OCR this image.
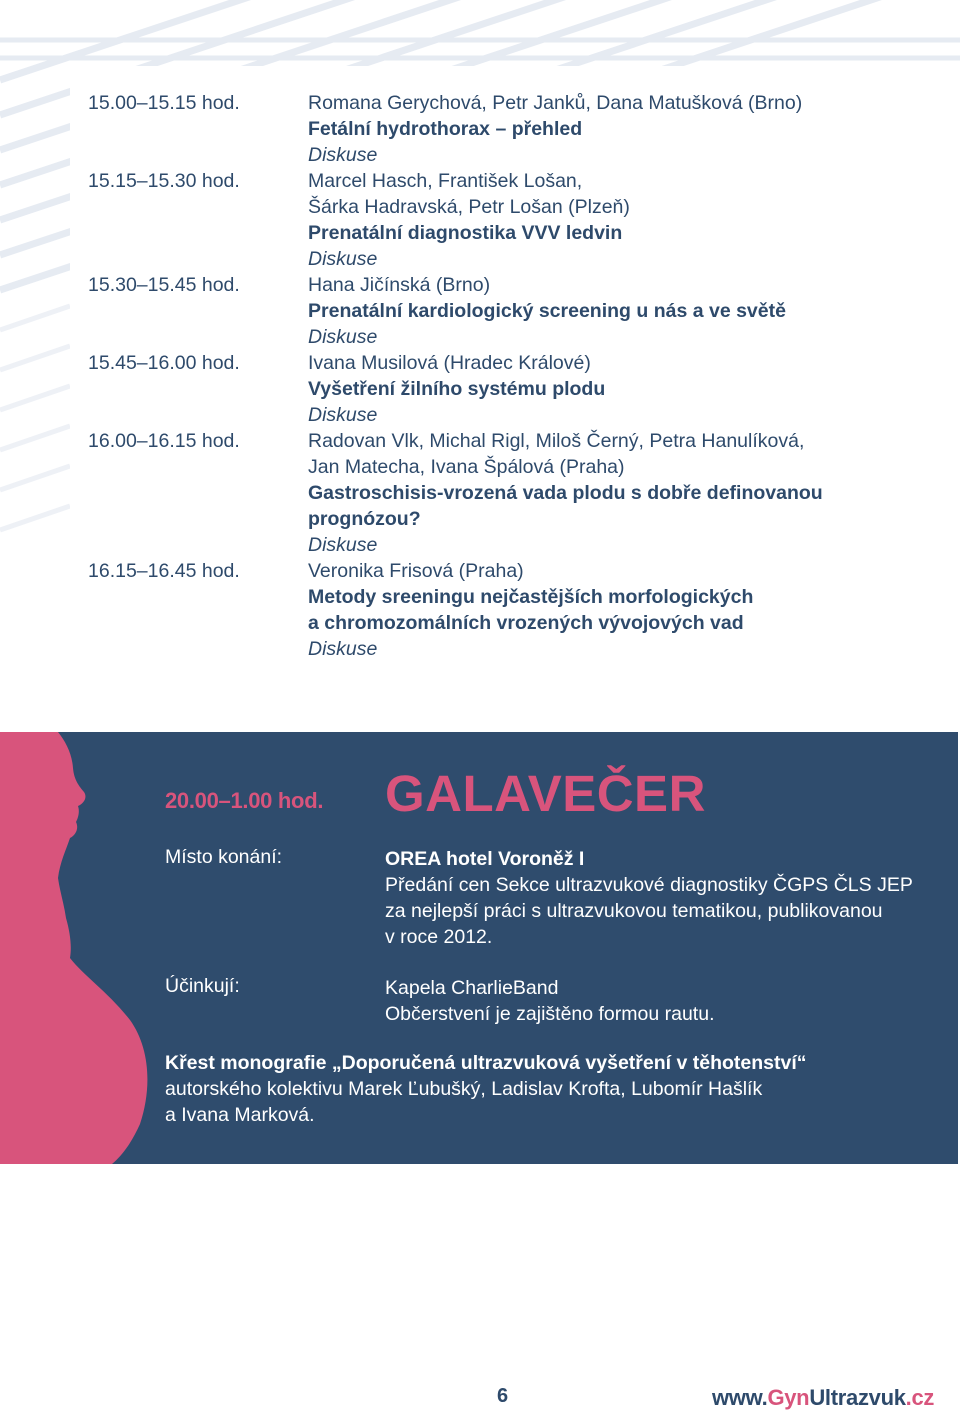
15.00–15.15 hod.	Romana Gerychová, Petr Janků, Dana Matušková (Brno)
Fetální hydrothorax – přehled
Diskuse
15.15–15.30 hod.	Marcel Hasch, František Lošan,
Šárka Hadravská, Petr Lošan (Plzeň)
Prenatální diagnostika VVV ledvin
Diskuse
15.30–15.45 hod.	Hana Jičínská (Brno)
Prenatální kardiologický screening u nás a ve světě
Diskuse
15.45–16.00 hod.	Ivana Musilová (Hradec Králové)
Vyšetření žilního systému plodu
Diskuse
16.00–16.15 hod.	Radovan Vlk, Michal Rigl, Miloš Černý, Petra Hanulíková,
Jan Matecha, Ivana Špálová (Praha)
Gastroschisis-vrozená vada plodu s dobře definovanou
prognózou?
Diskuse
16.15–16.45 hod.	Veronika Frisová (Praha)
Metody sreeningu nejčastějších morfologických
a chromozomálních vrozených vývojových vad
Diskuse
20.00–1.00 hod. GALAVEČER
Místo konání:	OREA hotel Voroněž I
Předání cen Sekce ultrazvukové diagnostiky ČGPS ČLS JEP
za nejlepší práci s ultrazvukovou tematikou, publikovanou
v roce 2012.
Účinkují:	Kapela CharlieBand
Občerstvení je zajištěno formou rautu.
Křest monografie „Doporučená ultrazvuková vyšetření v těhotenství“
autorského kolektivu Marek Ľubušký, Ladislav Krofta, Lubomír Hašlík
a Ivana Marková.
6	www.GynUltrazvuk.cz
